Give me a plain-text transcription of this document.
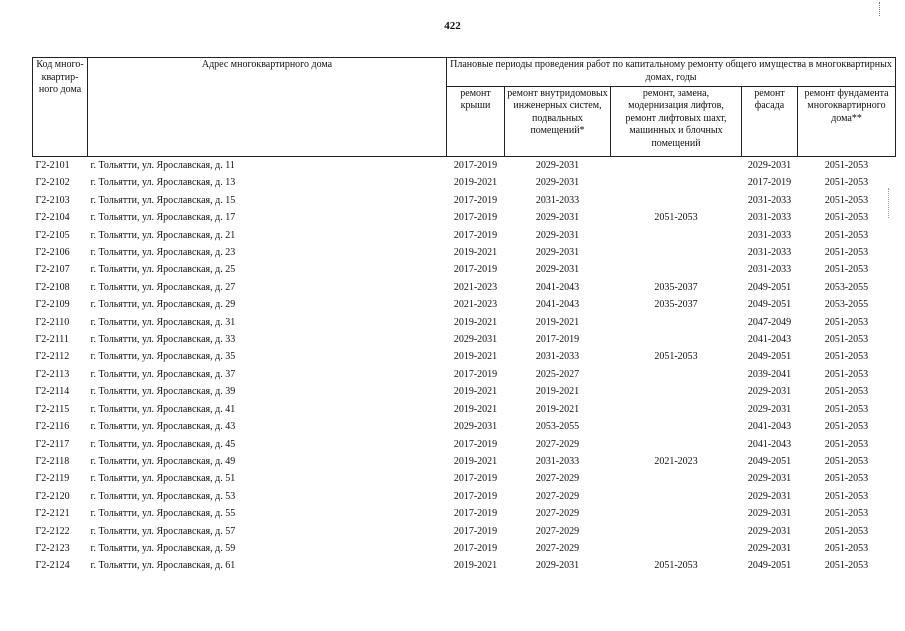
422
Код много-квартир-ного дома	Адрес многоквартирного дома	Плановые периоды проведения работ по капитальному ремонту общего имущества в многоквартирных домах, годы				
		ремонт крыши	ремонт внутридомовых инженерных систем, подвальных помещений*	ремонт, замена, модернизация лифтов, ремонт лифтовых шахт, машинных и блочных помещений	ремонт фасада	ремонт фундамента многоквартирного дома**
Г2-2101	г. Тольятти, ул. Ярославская, д. 11	2017-2019	2029-2031		2029-2031	2051-2053
Г2-2102	г. Тольятти, ул. Ярославская, д. 13	2019-2021	2029-2031		2017-2019	2051-2053
Г2-2103	г. Тольятти, ул. Ярославская, д. 15	2017-2019	2031-2033		2031-2033	2051-2053
Г2-2104	г. Тольятти, ул. Ярославская, д. 17	2017-2019	2029-2031	2051-2053	2031-2033	2051-2053
Г2-2105	г. Тольятти, ул. Ярославская, д. 21	2017-2019	2029-2031		2031-2033	2051-2053
Г2-2106	г. Тольятти, ул. Ярославская, д. 23	2019-2021	2029-2031		2031-2033	2051-2053
Г2-2107	г. Тольятти, ул. Ярославская, д. 25	2017-2019	2029-2031		2031-2033	2051-2053
Г2-2108	г. Тольятти, ул. Ярославская, д. 27	2021-2023	2041-2043	2035-2037	2049-2051	2053-2055
Г2-2109	г. Тольятти, ул. Ярославская, д. 29	2021-2023	2041-2043	2035-2037	2049-2051	2053-2055
Г2-2110	г. Тольятти, ул. Ярославская, д. 31	2019-2021	2019-2021		2047-2049	2051-2053
Г2-2111	г. Тольятти, ул. Ярославская, д. 33	2029-2031	2017-2019		2041-2043	2051-2053
Г2-2112	г. Тольятти, ул. Ярославская, д. 35	2019-2021	2031-2033	2051-2053	2049-2051	2051-2053
Г2-2113	г. Тольятти, ул. Ярославская, д. 37	2017-2019	2025-2027		2039-2041	2051-2053
Г2-2114	г. Тольятти, ул. Ярославская, д. 39	2019-2021	2019-2021		2029-2031	2051-2053
Г2-2115	г. Тольятти, ул. Ярославская, д. 41	2019-2021	2019-2021		2029-2031	2051-2053
Г2-2116	г. Тольятти, ул. Ярославская, д. 43	2029-2031	2053-2055		2041-2043	2051-2053
Г2-2117	г. Тольятти, ул. Ярославская, д. 45	2017-2019	2027-2029		2041-2043	2051-2053
Г2-2118	г. Тольятти, ул. Ярославская, д. 49	2019-2021	2031-2033	2021-2023	2049-2051	2051-2053
Г2-2119	г. Тольятти, ул. Ярославская, д. 51	2017-2019	2027-2029		2029-2031	2051-2053
Г2-2120	г. Тольятти, ул. Ярославская, д. 53	2017-2019	2027-2029		2029-2031	2051-2053
Г2-2121	г. Тольятти, ул. Ярославская, д. 55	2017-2019	2027-2029		2029-2031	2051-2053
Г2-2122	г. Тольятти, ул. Ярославская, д. 57	2017-2019	2027-2029		2029-2031	2051-2053
Г2-2123	г. Тольятти, ул. Ярославская, д. 59	2017-2019	2027-2029		2029-2031	2051-2053
Г2-2124	г. Тольятти, ул. Ярославская, д. 61	2019-2021	2029-2031	2051-2053	2049-2051	2051-2053
